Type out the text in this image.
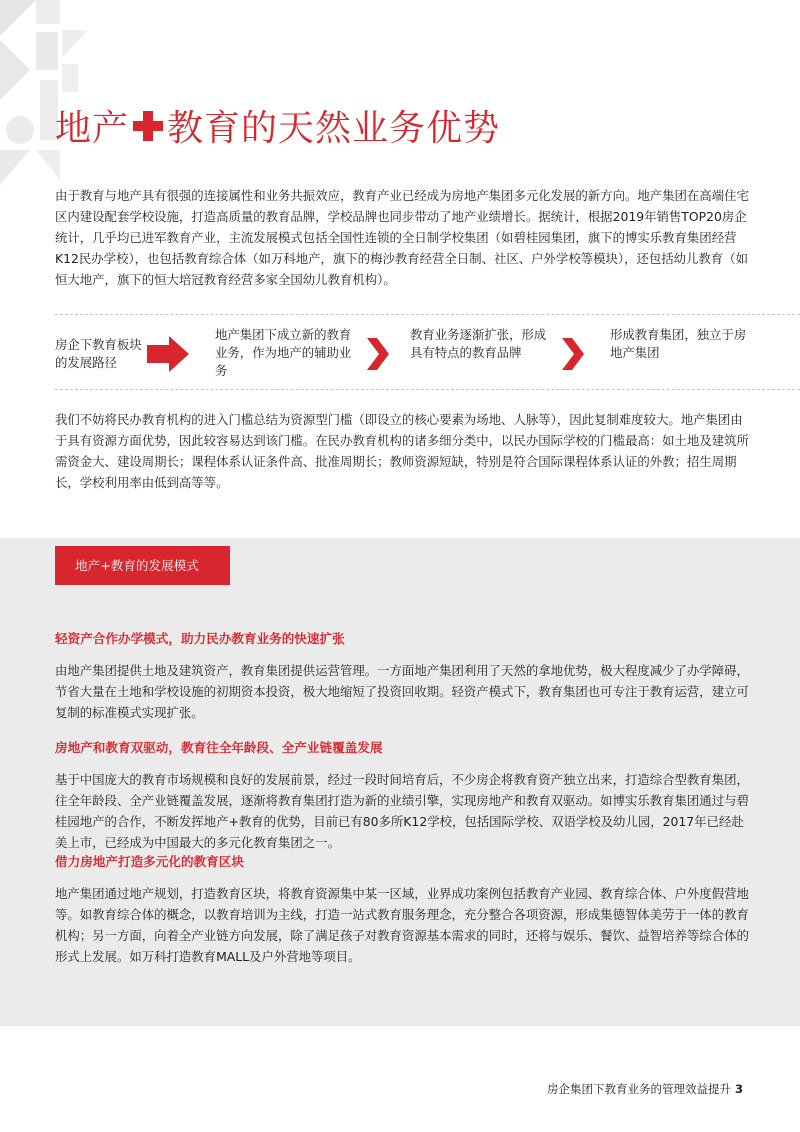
地产 教育的天然业务优势

由于教育与地产具有很强的连接属性和业务共振效应，教育产业已经成为房地产集团多元化发展的新方向。地产集团在高端住宅区内建设配套学校设施，打造高质量的教育品牌，学校品牌也同步带动了地产业绩增长。据统计，根据2019年销售TOP20房企统计，几乎均已进军教育产业，主流发展模式包括全国性连锁的全日制学校集团（如碧桂园集团，旗下的博实乐教育集团经营K12民办学校），也包括教育综合体（如万科地产，旗下的梅沙教育经营全日制、社区、户外学校等模块），还包括幼儿教育（如恒大地产，旗下的恒大培冠教育经营多家全国幼儿教育机构）。

房企下教育板块的发展路径
地产集团下成立新的教育业务，作为地产的辅助业务
教育业务逐渐扩张，形成具有特点的教育品牌
形成教育集团，独立于房地产集团

我们不妨将民办教育机构的进入门槛总结为资源型门槛（即设立的核心要素为场地、人脉等），因此复制难度较大。地产集团由于具有资源方面优势，因此较容易达到该门槛。在民办教育机构的诸多细分类中，以民办国际学校的门槛最高：如土地及建筑所需资金大、建设周期长；课程体系认证条件高、批准周期长；教师资源短缺，特别是符合国际课程体系认证的外教；招生周期长，学校利用率由低到高等等。

地产+教育的发展模式
轻资产合作办学模式，助力民办教育业务的快速扩张

由地产集团提供土地及建筑资产，教育集团提供运营管理。一方面地产集团利用了天然的拿地优势，极大程度减少了办学障碍，节省大量在土地和学校设施的初期资本投资，极大地缩短了投资回收期。轻资产模式下，教育集团也可专注于教育运营，建立可复制的标准模式实现扩张。

房地产和教育双驱动，教育往全年龄段、全产业链覆盖发展

基于中国庞大的教育市场规模和良好的发展前景，经过一段时间培育后，不少房企将教育资产独立出来，打造综合型教育集团，往全年龄段、全产业链覆盖发展，逐渐将教育集团打造为新的业绩引擎，实现房地产和教育双驱动。如博实乐教育集团通过与碧桂园地产的合作，不断发挥地产+教育的优势，目前已有80多所K12学校，包括国际学校、双语学校及幼儿园，2017年已经赴美上市，已经成为中国最大的多元化教育集团之一。

借力房地产打造多元化的教育区块

地产集团通过地产规划，打造教育区块，将教育资源集中某一区域，业界成功案例包括教育产业园、教育综合体、户外度假营地等。如教育综合体的概念，以教育培训为主线，打造一站式教育服务理念，充分整合各项资源，形成集德智体美劳于一体的教育机构；另一方面，向着全产业链方向发展，除了满足孩子对教育资源基本需求的同时，还将与娱乐、餐饮、益智培养等综合体的形式上发展。如万科打造教育MALL及户外营地等项目。

房企集团下教育业务的管理效益提升 3
